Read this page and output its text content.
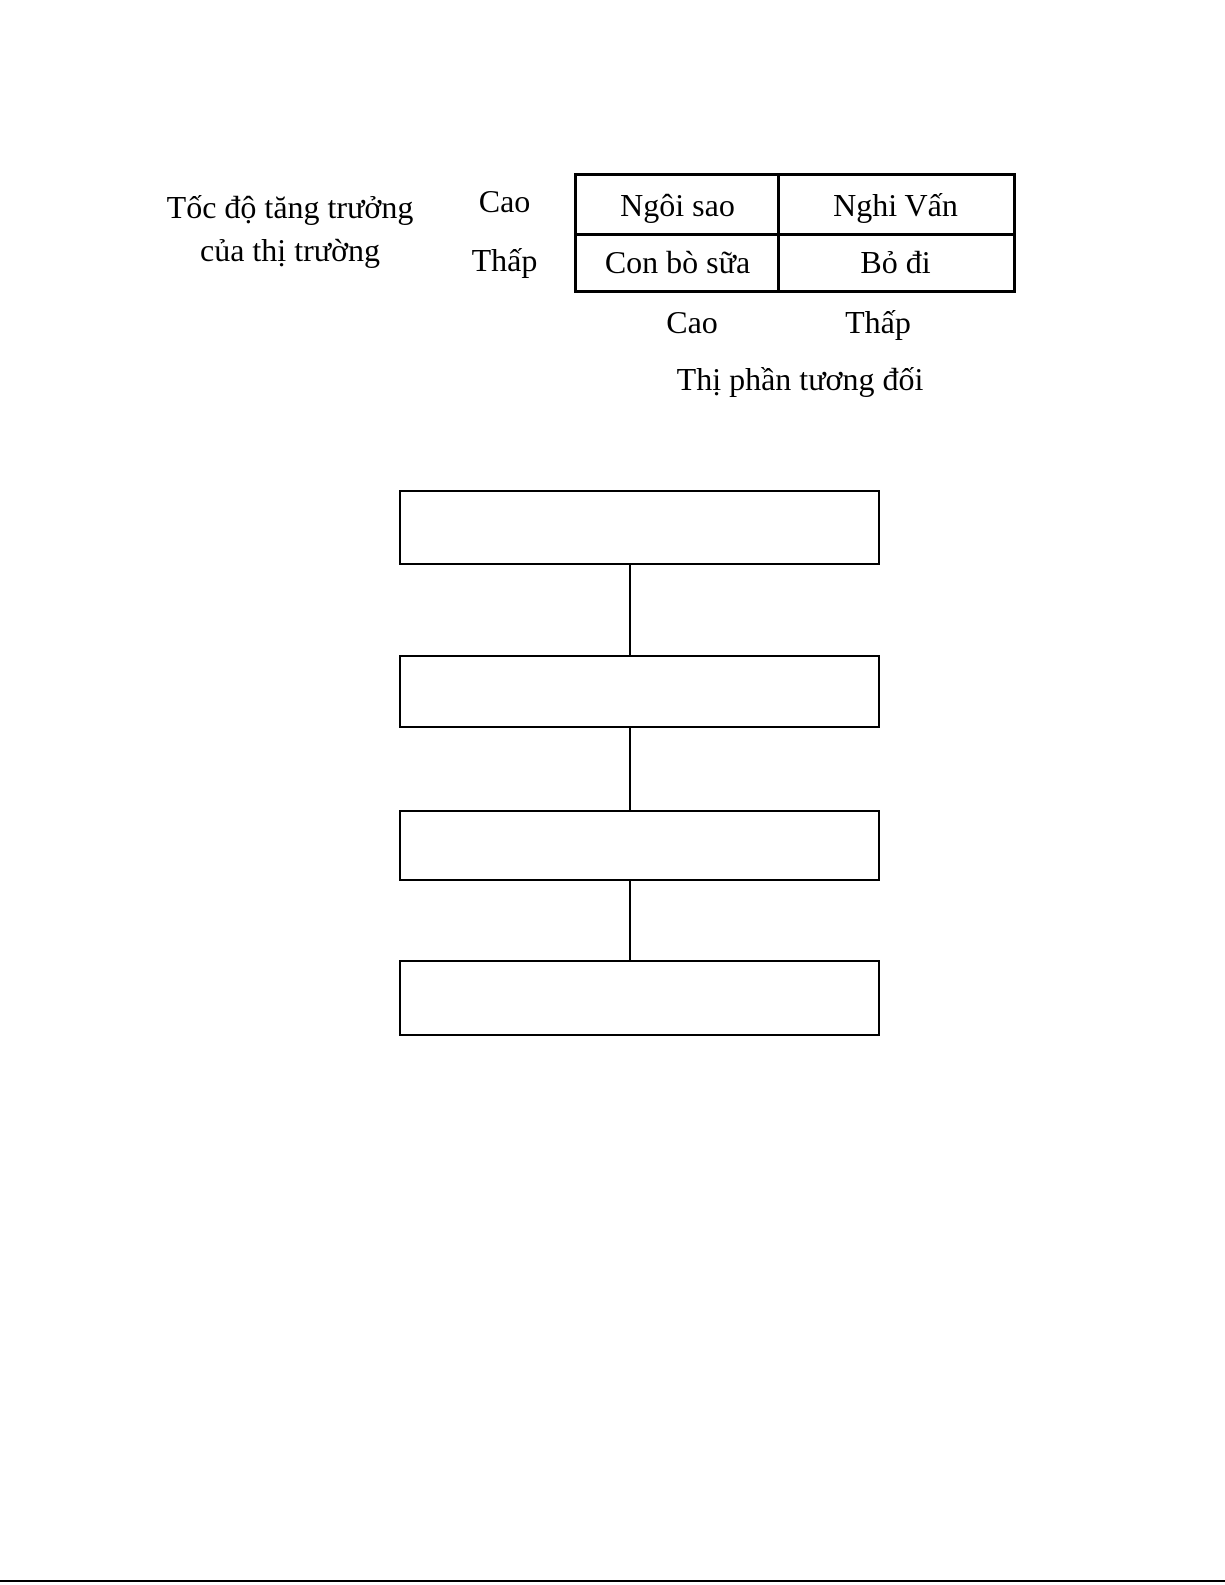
Tốc độ tăng trưởng
của thị trường
Cao
Thấp
Ngôi sao	Nghi Vấn
Con bò sữa	Bỏ đi
Cao	Thấp
Thị phần tương đối
